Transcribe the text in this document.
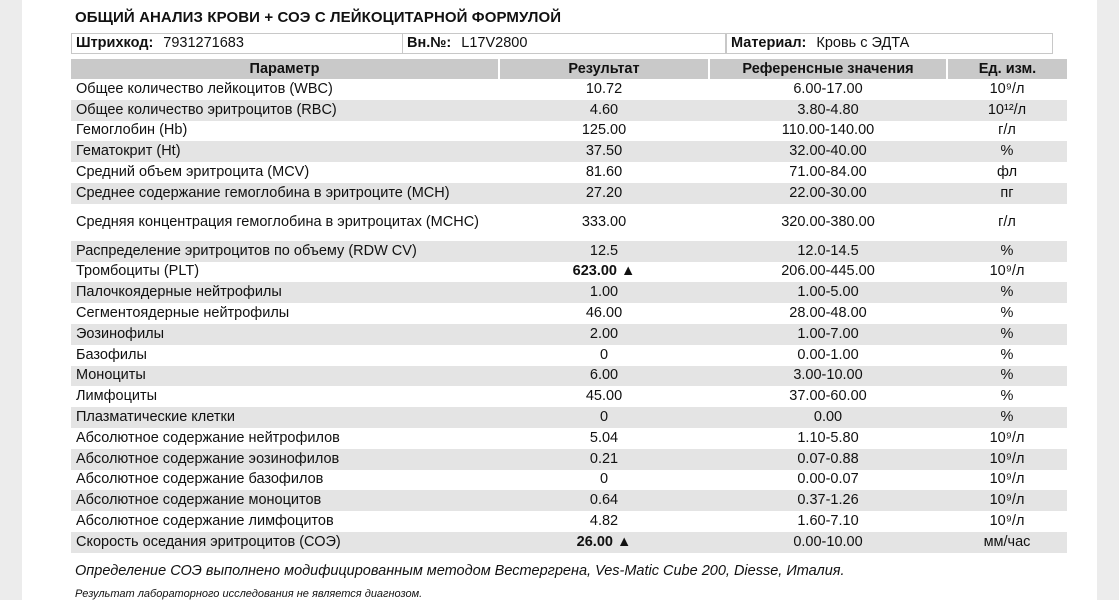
ОБЩИЙ АНАЛИЗ КРОВИ + СОЭ С ЛЕЙКОЦИТАРНОЙ ФОРМУЛОЙ
Штрихкод: 7931271683	Вн.№: L17V2800	Материал: Кровь с ЭДТА
Параметр	Результат	Референсные значения	Ед. изм.
Общее количество лейкоцитов (WBC)	10.72	6.00-17.00	10⁹/л
Общее количество эритроцитов (RBC)	4.60	3.80-4.80	10¹²/л
Гемоглобин (Hb)	125.00	110.00-140.00	г/л
Гематокрит (Ht)	37.50	32.00-40.00	%
Средний объем эритроцита (MCV)	81.60	71.00-84.00	фл
Среднее содержание гемоглобина в эритроците (MCH)	27.20	22.00-30.00	пг
Средняя концентрация гемоглобина в эритроцитах (MCHC)	333.00	320.00-380.00	г/л
Распределение эритроцитов по объему (RDW CV)	12.5	12.0-14.5	%
Тромбоциты (PLT)	623.00 ▲	206.00-445.00	10⁹/л
Палочкоядерные нейтрофилы	1.00	1.00-5.00	%
Сегментоядерные нейтрофилы	46.00	28.00-48.00	%
Эозинофилы	2.00	1.00-7.00	%
Базофилы	0	0.00-1.00	%
Моноциты	6.00	3.00-10.00	%
Лимфоциты	45.00	37.00-60.00	%
Плазматические клетки	0	0.00	%
Абсолютное содержание нейтрофилов	5.04	1.10-5.80	10⁹/л
Абсолютное содержание эозинофилов	0.21	0.07-0.88	10⁹/л
Абсолютное содержание базофилов	0	0.00-0.07	10⁹/л
Абсолютное содержание моноцитов	0.64	0.37-1.26	10⁹/л
Абсолютное содержание лимфоцитов	4.82	1.60-7.10	10⁹/л
Скорость оседания эритроцитов (СОЭ)	26.00 ▲	0.00-10.00	мм/час
Определение СОЭ выполнено модифицированным методом Вестергрена, Ves-Matic Cube 200, Diesse, Италия.
Результат лабораторного исследования не является диагнозом.
